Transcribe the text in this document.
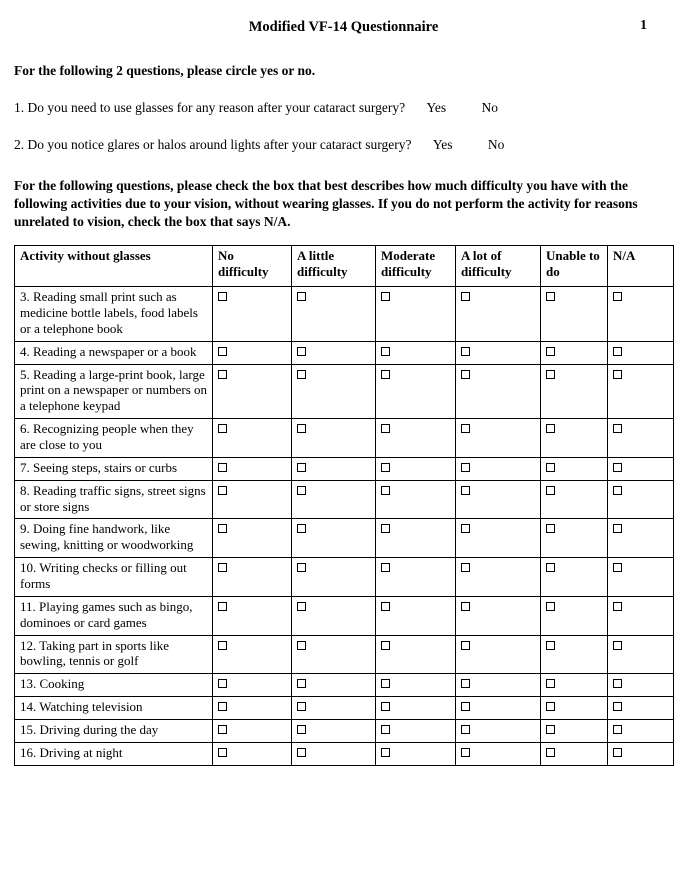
Modified VF-14 Questionnaire	1
For the following 2 questions, please circle yes or no.
1. Do you need to use glasses for any reason after your cataract surgery? Yes	No
2. Do you notice glares or halos around lights after your cataract surgery? Yes	No
For the following questions, please check the box that best describes how much difficulty you have with the following activities due to your vision, without wearing glasses. If you do not perform the activity for reasons unrelated to vision, check the box that says N/A.
Activity without glasses	No difficulty	A little difficulty	Moderate difficulty	A lot of difficulty	Unable to do	N/A
3. Reading small print such as medicine bottle labels, food labels or a telephone book						
4. Reading a newspaper or a book						
5. Reading a large-print book, large print on a newspaper or numbers on a telephone keypad						
6. Recognizing people when they are close to you						
7. Seeing steps, stairs or curbs						
8. Reading traffic signs, street signs or store signs						
9. Doing fine handwork, like sewing, knitting or woodworking						
10. Writing checks or filling out forms						
11. Playing games such as bingo, dominoes or card games						
12. Taking part in sports like bowling, tennis or golf						
13. Cooking						
14. Watching television						
15. Driving during the day						
16. Driving at night						
